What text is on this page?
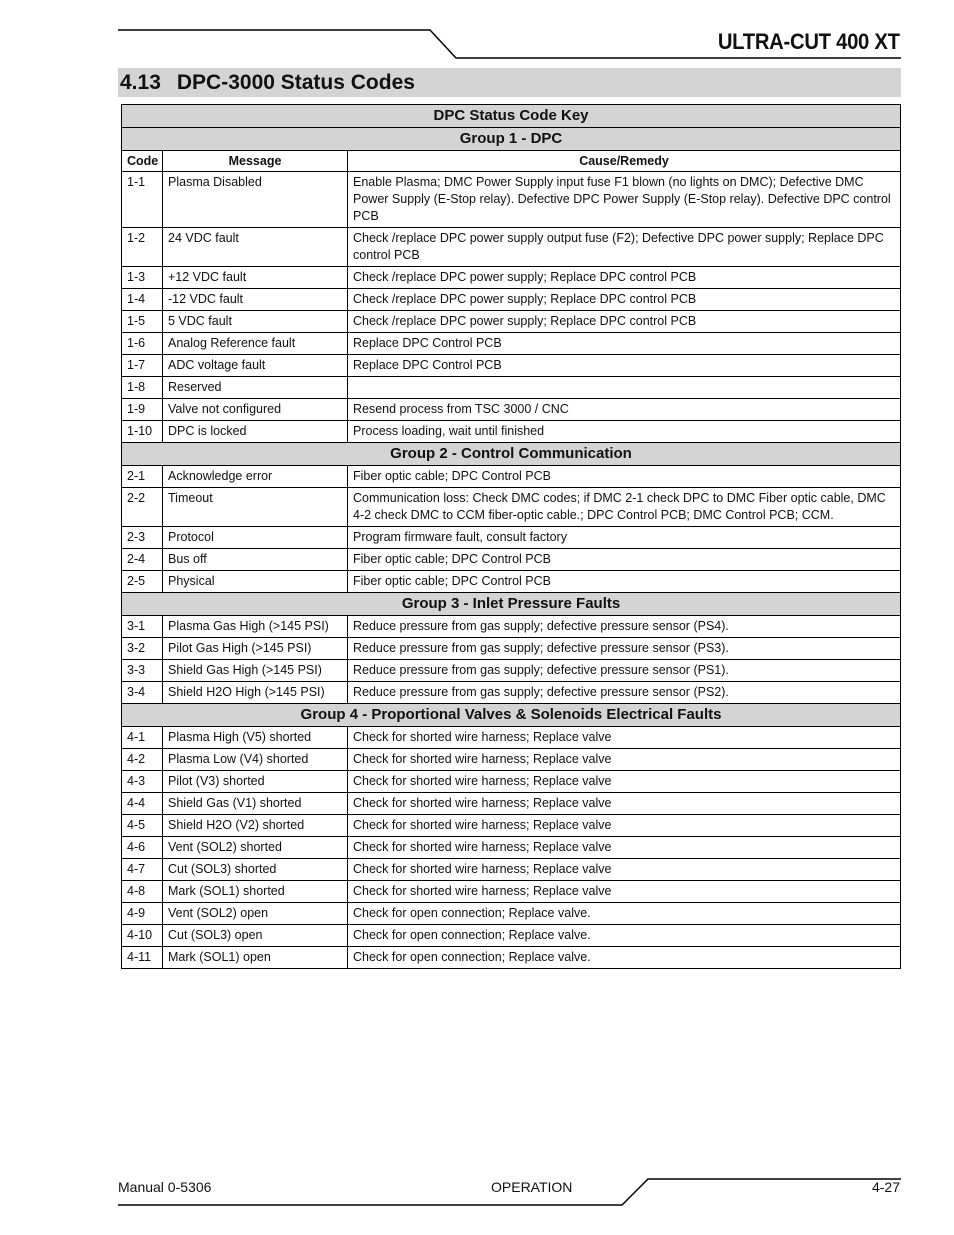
ULTRA-CUT 400 XT
4.13 DPC-3000 Status Codes
DPC Status Code Key		
Group 1 - DPC		
Code	Message	Cause/Remedy
1-1	Plasma Disabled	Enable Plasma; DMC Power Supply input fuse F1 blown (no lights on DMC); Defective DMC Power Supply (E-Stop relay). Defective DPC Power Supply (E-Stop relay). Defective DPC control PCB
1-2	24 VDC fault	Check /replace DPC power supply output fuse (F2); Defective DPC power supply; Replace DPC control PCB
1-3	+12 VDC fault	Check /replace DPC power supply; Replace DPC control PCB
1-4	-12 VDC fault	Check /replace DPC power supply; Replace DPC control PCB
1-5	5 VDC fault	Check /replace DPC power supply; Replace DPC control PCB
1-6	Analog Reference fault	Replace DPC Control PCB
1-7	ADC voltage fault	Replace DPC Control PCB
1-8	Reserved	
1-9	Valve not configured	Resend process from TSC 3000 / CNC
1-10	DPC is locked	Process loading, wait until finished
Group 2 - Control Communication		
2-1	Acknowledge error	Fiber optic cable; DPC Control PCB
2-2	Timeout	Communication loss: Check DMC codes; if DMC 2-1 check DPC to DMC Fiber optic cable, DMC 4-2 check DMC to CCM fiber-optic cable.; DPC Control PCB; DMC Control PCB; CCM.
2-3	Protocol	Program firmware fault, consult factory
2-4	Bus off	Fiber optic cable; DPC Control PCB
2-5	Physical	Fiber optic cable; DPC Control PCB
Group 3 - Inlet Pressure Faults		
3-1	Plasma Gas High (>145 PSI)	Reduce pressure from gas supply; defective pressure sensor (PS4).
3-2	Pilot Gas High (>145 PSI)	Reduce pressure from gas supply; defective pressure sensor (PS3).
3-3	Shield Gas High (>145 PSI)	Reduce pressure from gas supply; defective pressure sensor (PS1).
3-4	Shield H2O High (>145 PSI)	Reduce pressure from gas supply; defective pressure sensor (PS2).
Group 4 - Proportional Valves & Solenoids Electrical Faults		
4-1	Plasma High (V5) shorted	Check for shorted wire harness; Replace valve
4-2	Plasma Low (V4) shorted	Check for shorted wire harness; Replace valve
4-3	Pilot (V3) shorted	Check for shorted wire harness; Replace valve
4-4	Shield Gas (V1) shorted	Check for shorted wire harness; Replace valve
4-5	Shield H2O (V2) shorted	Check for shorted wire harness; Replace valve
4-6	Vent (SOL2) shorted	Check for shorted wire harness; Replace valve
4-7	Cut (SOL3) shorted	Check for shorted wire harness; Replace valve
4-8	Mark (SOL1) shorted	Check for shorted wire harness; Replace valve
4-9	Vent (SOL2) open	Check for open connection; Replace valve.
4-10	Cut (SOL3) open	Check for open connection; Replace valve.
4-11	Mark (SOL1) open	Check for open connection; Replace valve.
Manual 0-5306	OPERATION	4-27
